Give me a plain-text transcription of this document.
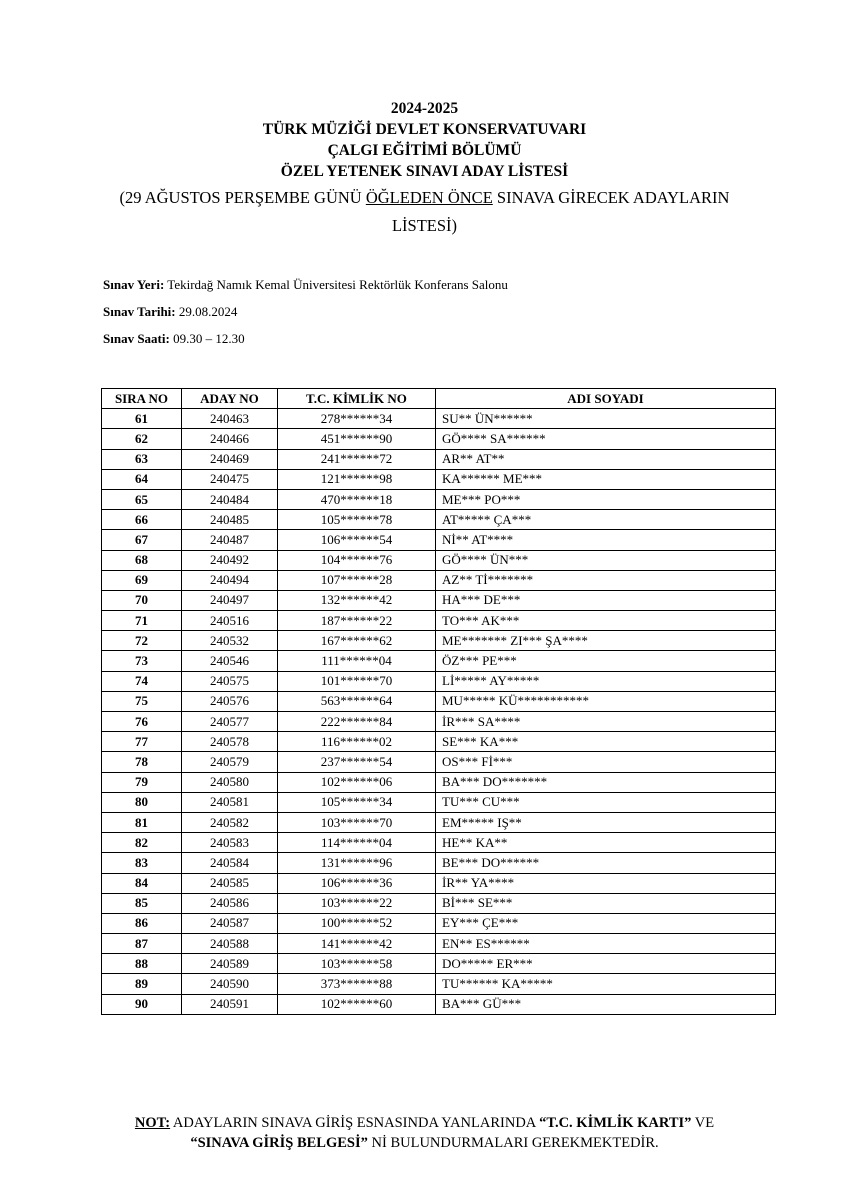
2024-2025
TÜRK MÜZİĞİ DEVLET KONSERVATUVARI
ÇALGI EĞİTİMİ BÖLÜMÜ
ÖZEL YETENEK SINAVI ADAY LİSTESİ
(29 AĞUSTOS PERŞEMBE GÜNÜ ÖĞLEDEN ÖNCE SINAVA GİRECEK ADAYLARIN
LİSTESİ)
Sınav Yeri: Tekirdağ Namık Kemal Üniversitesi Rektörlük Konferans Salonu
Sınav Tarihi: 29.08.2024
Sınav Saati: 09.30 – 12.30
SIRA NO	ADAY NO	T.C. KİMLİK NO	ADI SOYADI
61	240463	278******34	SU** ÜN******
62	240466	451******90	GÖ**** SA******
63	240469	241******72	AR** AT**
64	240475	121******98	KA****** ME***
65	240484	470******18	ME*** PO***
66	240485	105******78	AT***** ÇA***
67	240487	106******54	Nİ** AT****
68	240492	104******76	GÖ**** ÜN***
69	240494	107******28	AZ** Tİ*******
70	240497	132******42	HA*** DE***
71	240516	187******22	TO*** AK***
72	240532	167******62	ME******* ZI*** ŞA****
73	240546	111******04	ÖZ*** PE***
74	240575	101******70	Lİ***** AY*****
75	240576	563******64	MU***** KÜ***********
76	240577	222******84	İR*** SA****
77	240578	116******02	SE*** KA***
78	240579	237******54	OS*** Fİ***
79	240580	102******06	BA*** DO*******
80	240581	105******34	TU*** CU***
81	240582	103******70	EM***** IŞ**
82	240583	114******04	HE** KA**
83	240584	131******96	BE*** DO******
84	240585	106******36	İR** YA****
85	240586	103******22	Bİ*** SE***
86	240587	100******52	EY*** ÇE***
87	240588	141******42	EN** ES******
88	240589	103******58	DO***** ER***
89	240590	373******88	TU****** KA*****
90	240591	102******60	BA*** GÜ***
NOT: ADAYLARIN SINAVA GİRİŞ ESNASINDA YANLARINDA “T.C. KİMLİK KARTI” VE
“SINAVA GİRİŞ BELGESİ” Nİ BULUNDURMALARI GEREKMEKTEDİR.
